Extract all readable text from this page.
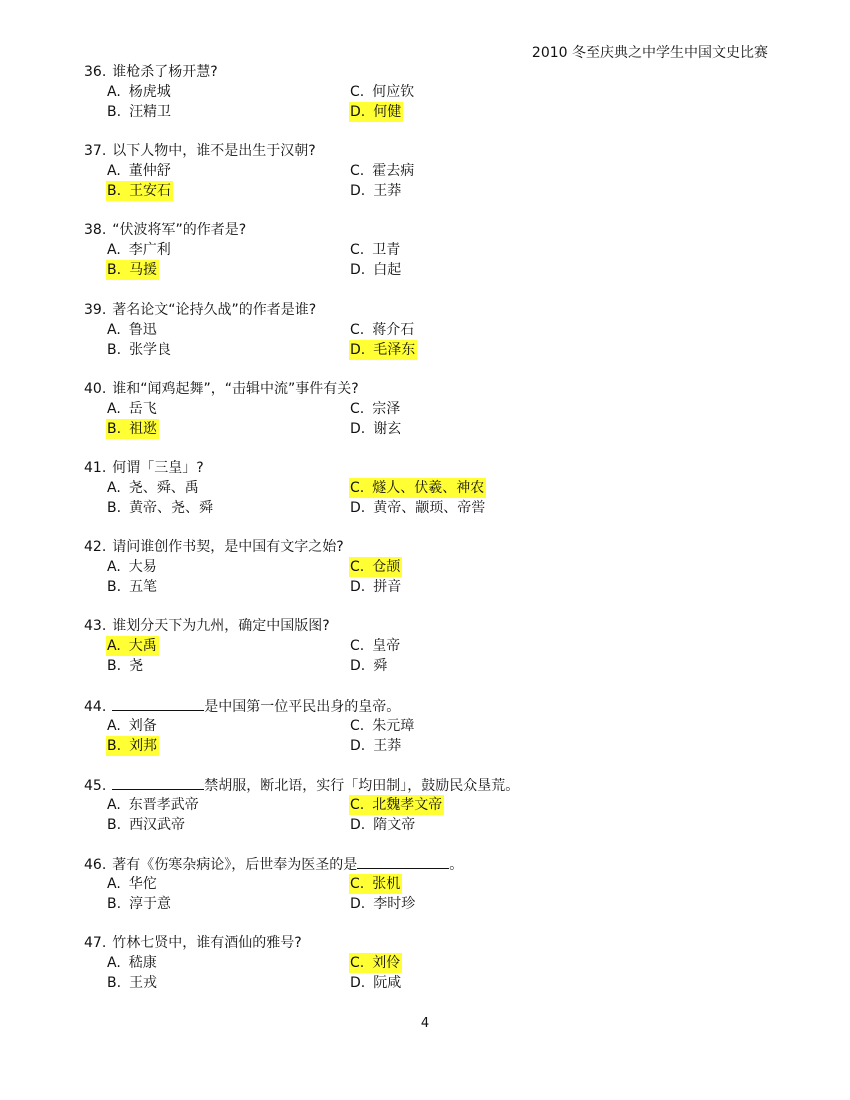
2010 冬至庆典之中学生中国文史比赛
36. 谁枪杀了杨开慧?
A. 杨虎城	C. 何应钦
B. 汪精卫	D. 何健
37. 以下人物中，谁不是出生于汉朝?
A. 董仲舒	C. 霍去病
B. 王安石	D. 王莽
38. “伏波将军”的作者是?
A. 李广利	C. 卫青
B. 马援	D. 白起
39. 著名论文“论持久战”的作者是谁?
A. 鲁迅	C. 蒋介石
B. 张学良	D. 毛泽东
40. 谁和“闻鸡起舞”，“击辑中流”事件有关?
A. 岳飞	C. 宗泽
B. 祖逖	D. 谢玄
41. 何谓「三皇」?
A. 尧、舜、禹	C. 燧人、伏羲、神农
B. 黄帝、尧、舜	D. 黄帝、颛顼、帝喾
42. 请问谁创作书契，是中国有文字之始?
A. 大易	C. 仓颉
B. 五笔	D. 拼音
43. 谁划分天下为九州，确定中国版图?
A. 大禹	C. 皇帝
B. 尧	D. 舜
44.	是中国第一位平民出身的皇帝。
A. 刘备	C. 朱元璋
B. 刘邦	D. 王莽
45.	禁胡服，断北语，实行「均田制」，鼓励民众垦荒。
A. 东晋孝武帝	C. 北魏孝文帝
B. 西汉武帝	D. 隋文帝
46. 著有《伤寒杂病论》，后世奉为医圣的是	。
A. 华佗	C. 张机
B. 淳于意	D. 李时珍
47. 竹林七贤中，谁有酒仙的雅号?
A. 嵇康	C. 刘伶
B. 王戎	D. 阮咸
4
